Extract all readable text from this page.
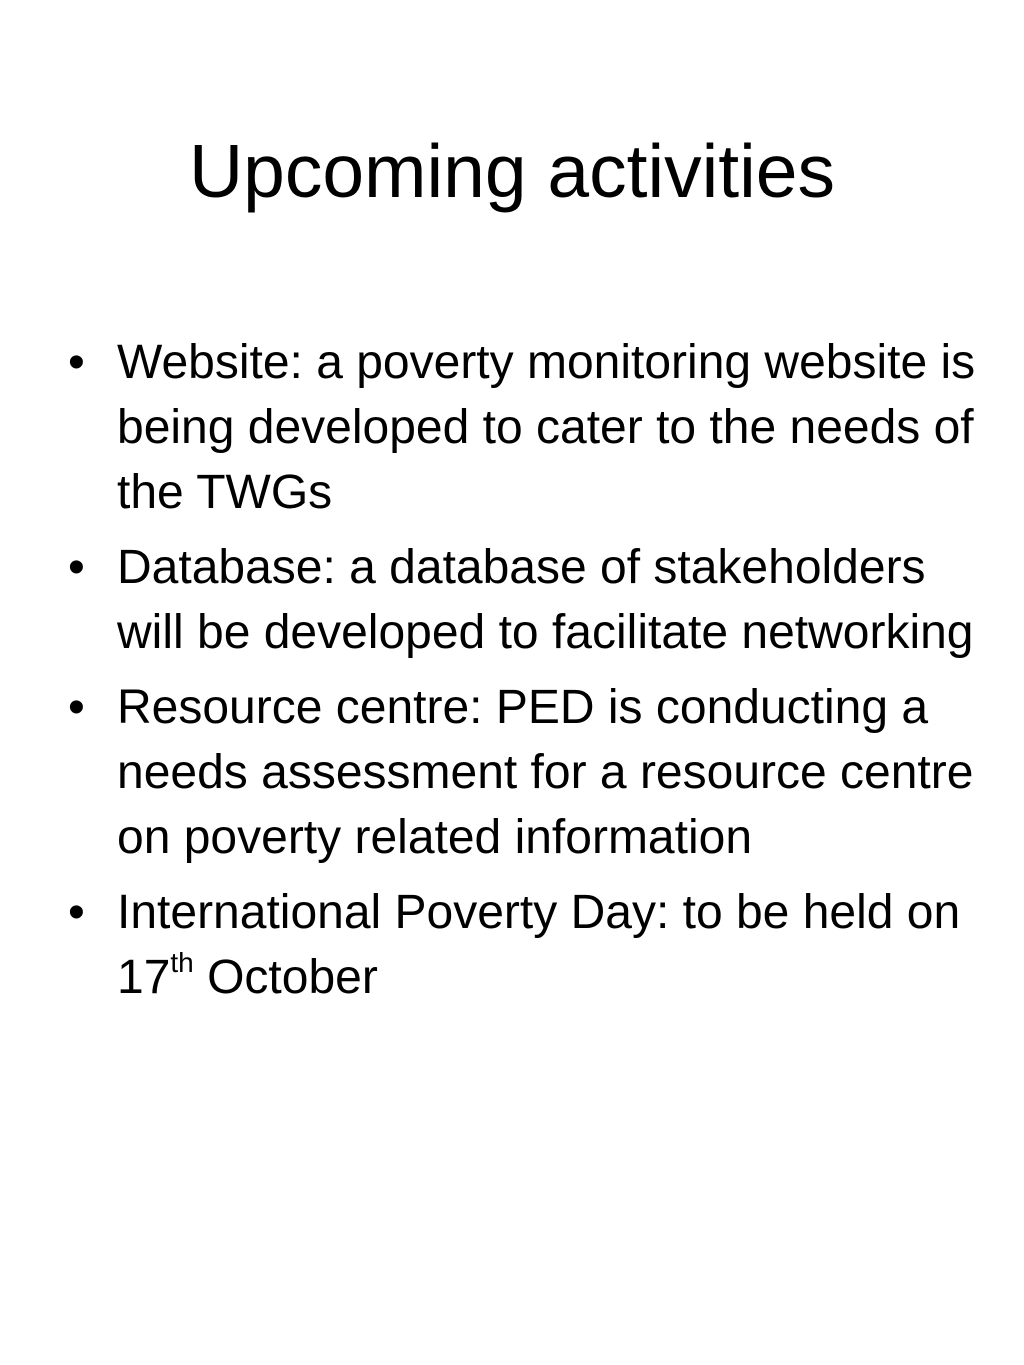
Upcoming activities
• Website: a poverty monitoring website is being developed to cater to the needs of the TWGs
• Database: a database of stakeholders will be developed to facilitate networking
• Resource centre: PED is conducting a needs assessment for a resource centre on poverty related information
• International Poverty Day: to be held on 17th October
